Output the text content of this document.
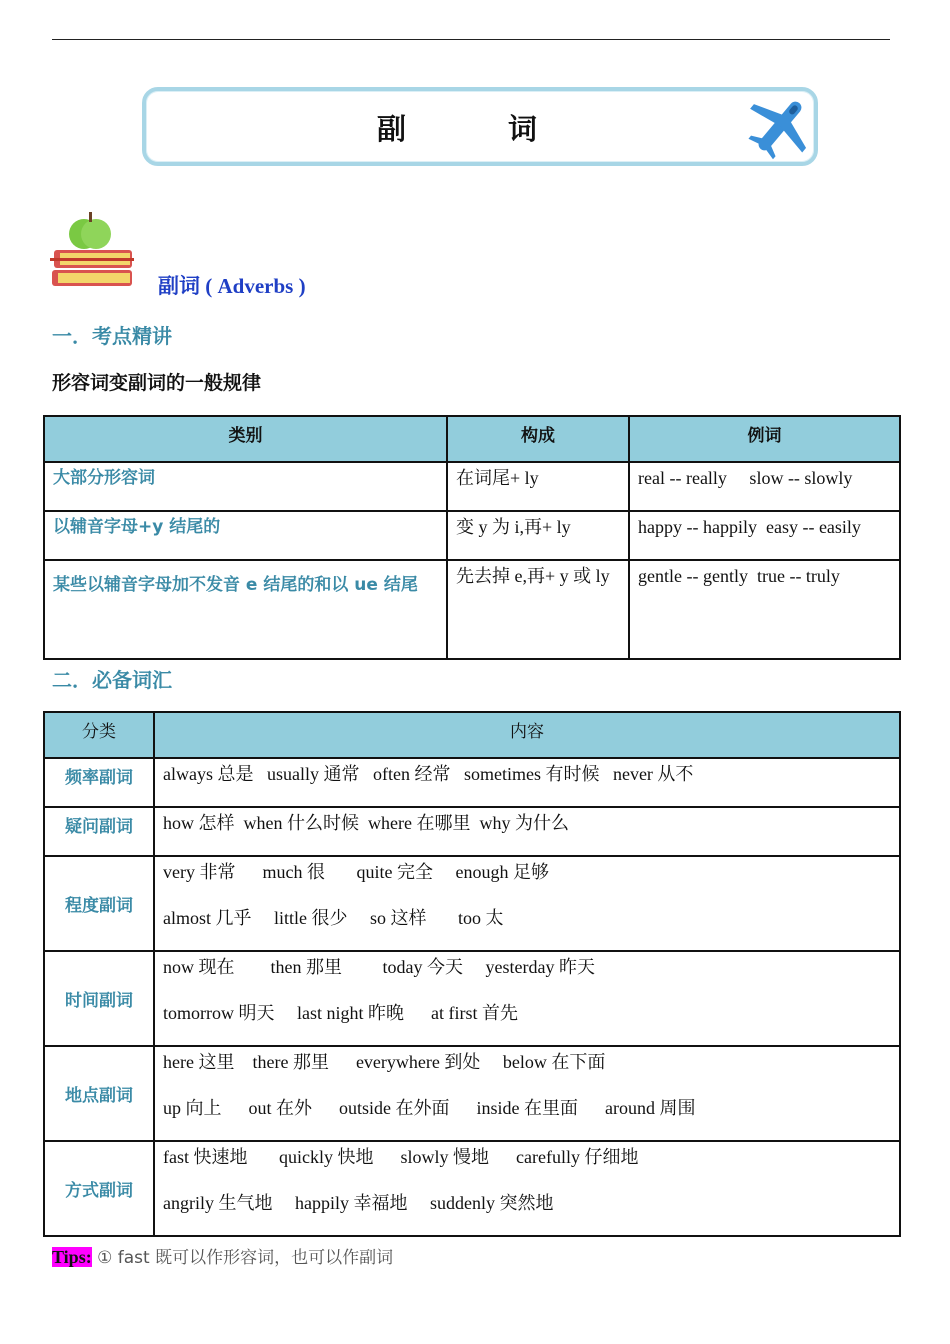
副 词
副词 ( Adverbs )
一．考点精讲
形容词变副词的一般规律
类别	构成	例词
大部分形容词	在词尾+ ly	real -- really     slow -- slowly
以辅音字母+y 结尾的	变 y 为 i,再+ ly	happy -- happily  easy -- easily
某些以辅音字母加不发音 e 结尾的和以 ue 结尾	先去掉 e,再+ y 或 ly	gentle -- gently  true -- truly
二．必备词汇
分类	内容
频率副词	always 总是   usually 通常   often 经常   sometimes 有时候   never 从不

疑问副词	how 怎样  when 什么时候  where 在哪里  why 为什么

程度副词	very 非常      much 很       quite 完全     enough 足够
almost 几乎     little 很少     so 这样       too 太

时间副词	now 现在        then 那里         today 今天     yesterday 昨天
tomorrow 明天     last night 昨晚      at first 首先

地点副词	here 这里    there 那里      everywhere 到处     below 在下面
up 向上      out 在外      outside 在外面      inside 在里面      around 周围

方式副词	fast 快速地       quickly 快地      slowly 慢地      carefully 仔细地
angrily 生气地     happily 幸福地     suddenly 突然地
Tips: ① fast 既可以作形容词，也可以作副词
